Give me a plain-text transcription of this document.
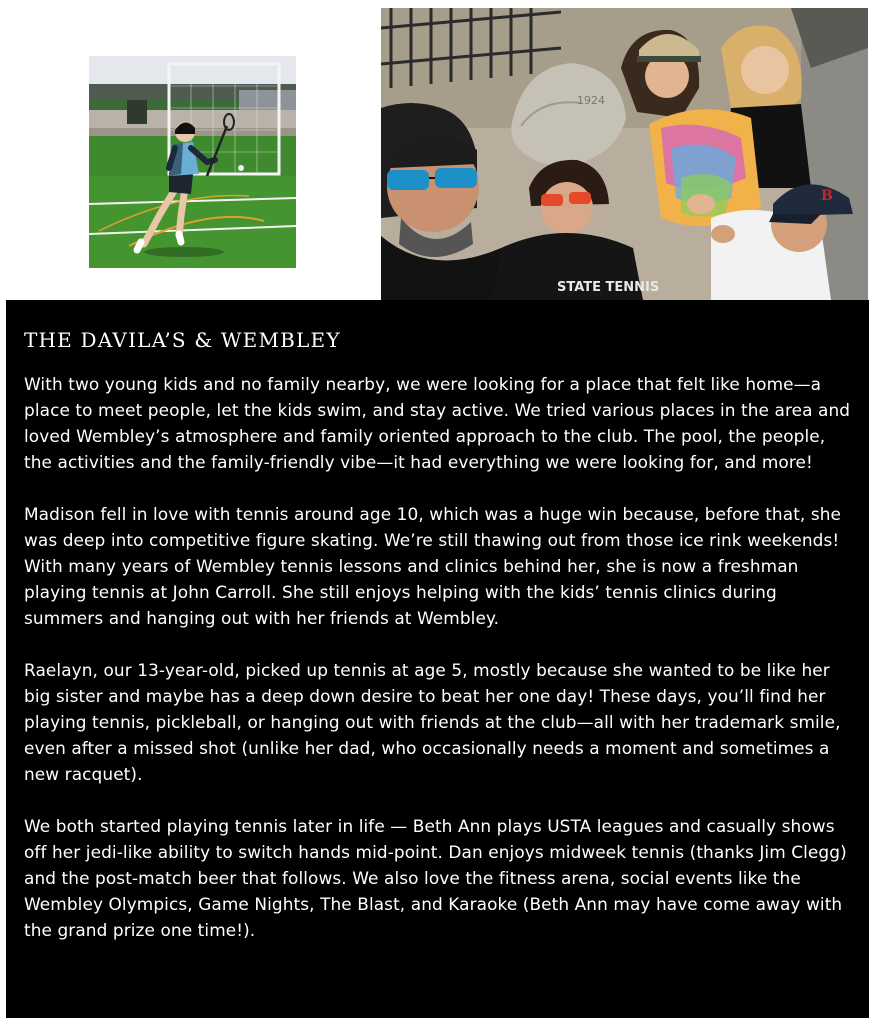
1924
STATE TENNIS
B
THE DAVILA’S & WEMBLEY

With two young kids and no family nearby, we were looking for a place that felt like home—a place to meet people, let the kids swim, and stay active. We tried various places in the area and loved Wembley’s atmosphere and family oriented approach to the club. The pool, the people, the activities and the family-friendly vibe—it had everything we were looking for, and more!

Madison fell in love with tennis around age 10, which was a huge win because, before that, she was deep into competitive figure skating. We’re still thawing out from those ice rink weekends! With many years of Wembley tennis lessons and clinics behind her, she is now a freshman playing tennis at John Carroll. She still enjoys helping with the kids’ tennis clinics during summers and hanging out with her friends at Wembley.

Raelayn, our 13-year-old, picked up tennis at age 5, mostly because she wanted to be like her big sister and maybe has a deep down desire to beat her one day! These days, you’ll find her playing tennis, pickleball, or hanging out with friends at the club—all with her trademark smile, even after a missed shot (unlike her dad, who occasionally needs a moment and sometimes a new racquet).

We both started playing tennis later in life — Beth Ann plays USTA leagues and casually shows off her jedi-like ability to switch hands mid-point. Dan enjoys midweek tennis (thanks Jim Clegg) and the post-match beer that follows. We also love the fitness arena, social events like the Wembley Olympics, Game Nights, The Blast, and Karaoke (Beth Ann may have come away with the grand prize one time!).
